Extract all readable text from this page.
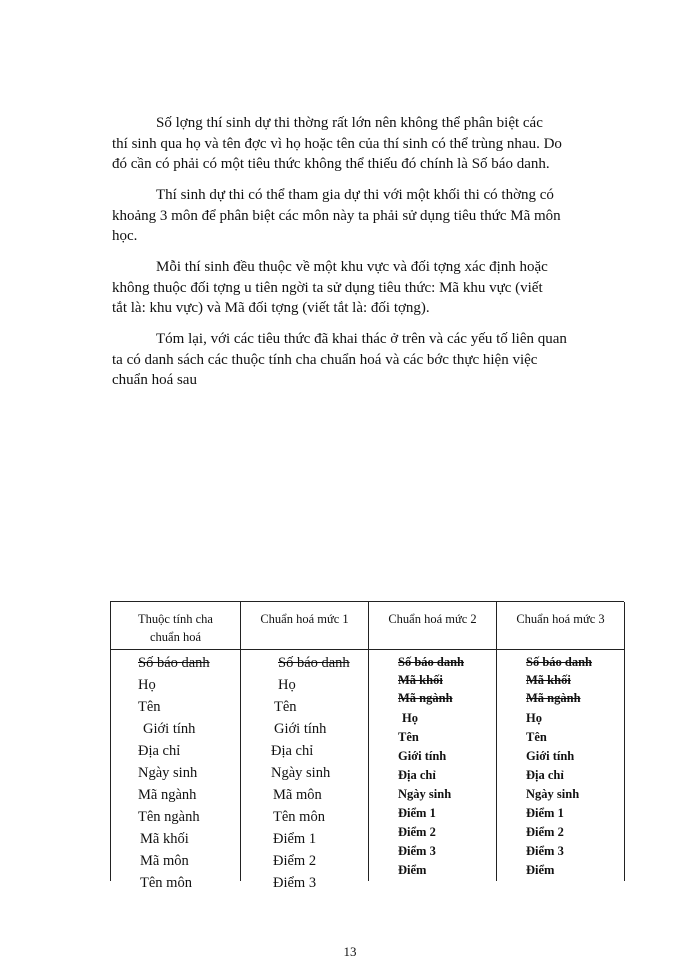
Số lợng thí sinh dự thi thờng rất lớn nên không thể phân biệt các
thí sinh qua họ và tên đợc vì họ hoặc tên của thí sinh có thể trùng nhau. Do
đó cần có phải có một tiêu thức không thể thiếu đó chính là Số báo danh.
Thí sinh dự thi có thể tham gia dự thi với một khối thi có thờng có
khoảng 3 môn để phân biệt các môn này ta phải sử dụng tiêu thức Mã môn
học.
Mỗi thí sinh đều thuộc về một khu vực và đối tợng xác định hoặc
không thuộc đối tợng u tiên ngời ta sử dụng tiêu thức: Mã khu vực (viết
tắt là: khu vực) và Mã đối tợng (viết tắt là: đối tợng).
Tóm lại, với các tiêu thức đã khai thác ở trên và các yếu tố liên quan
ta có danh sách các thuộc tính cha chuẩn hoá và các bớc thực hiện việc
chuẩn hoá sau
Thuộc tính cha chuẩn hoá
Số báo danh
Họ
Tên
Giới tính
Địa chỉ
Ngày sinh
Mã ngành
Tên ngành
Mã khối
Mã môn
Tên môn
Chuẩn hoá mức 1
Số báo danh
Họ
Tên
Giới tính
Địa chỉ
Ngày sinh
Mã môn
Tên môn
Điểm 1
Điểm 2
Điểm 3
Chuẩn hoá mức 2
Số báo danh
Mã khối
Mã ngành
Họ
Tên
Giới tính
Địa chỉ
Ngày sinh
Điểm 1
Điểm 2
Điểm 3
Điểm
Chuẩn hoá mức 3
Số báo danh
Mã khối
Mã ngành
Họ
Tên
Giới tính
Địa chỉ
Ngày sinh
Điểm 1
Điểm 2
Điểm 3
Điểm
13
